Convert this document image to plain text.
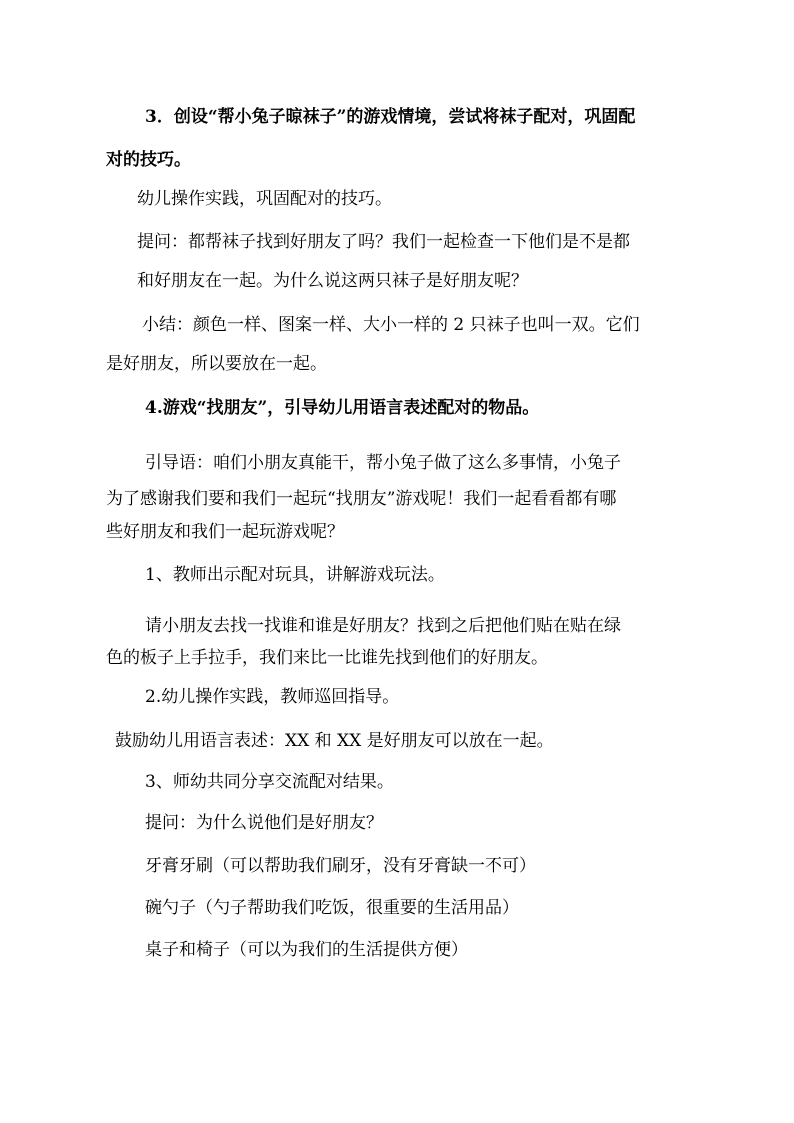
3．创设“帮小兔子晾袜子”的游戏情境，尝试将袜子配对，巩固配
对的技巧。
幼儿操作实践，巩固配对的技巧。
提问：都帮袜子找到好朋友了吗？我们一起检查一下他们是不是都
和好朋友在一起。为什么说这两只袜子是好朋友呢？
小结：颜色一样、图案一样、大小一样的 2 只袜子也叫一双。它们
是好朋友，所以要放在一起。
4.游戏“找朋友”，引导幼儿用语言表述配对的物品。
引导语：咱们小朋友真能干，帮小兔子做了这么多事情，小兔子
为了感谢我们要和我们一起玩“找朋友”游戏呢！我们一起看看都有哪
些好朋友和我们一起玩游戏呢？
1、教师出示配对玩具，讲解游戏玩法。
请小朋友去找一找谁和谁是好朋友？找到之后把他们贴在贴在绿
色的板子上手拉手，我们来比一比谁先找到他们的好朋友。
2.幼儿操作实践，教师巡回指导。
鼓励幼儿用语言表述：XX 和 XX 是好朋友可以放在一起。
3、师幼共同分享交流配对结果。
提问：为什么说他们是好朋友？
牙膏牙刷（可以帮助我们刷牙，没有牙膏缺一不可）
碗勺子（勺子帮助我们吃饭，很重要的生活用品）
桌子和椅子（可以为我们的生活提供方便）
